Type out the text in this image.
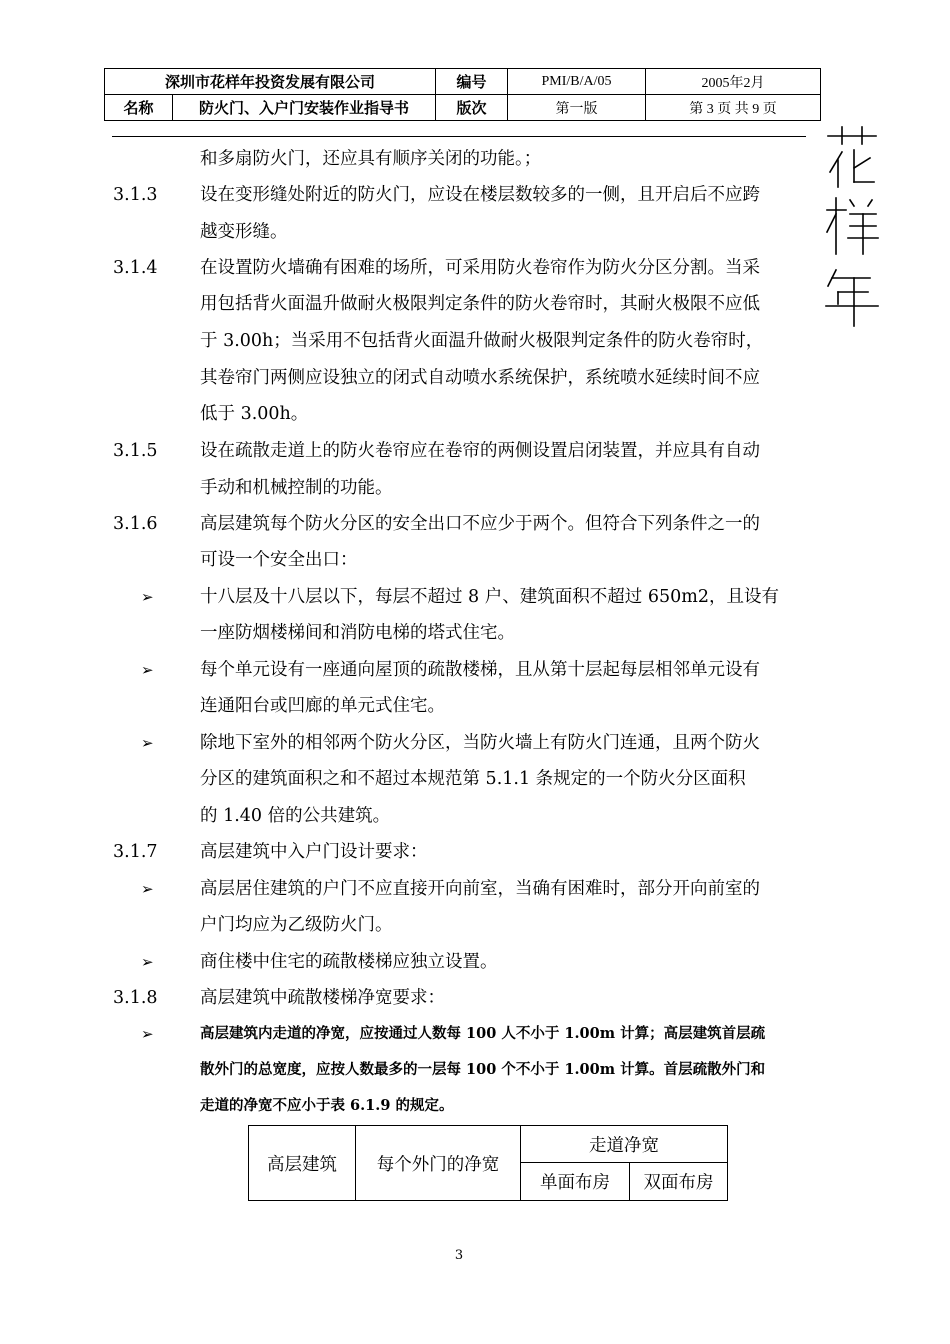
深圳市花样年投资发展有限公司		编号	PMI/B/A/05	2005年2月
名称	防火门、入户门安装作业指导书	版次	第一版	第 3 页 共 9 页
和多扇防火门，还应具有顺序关闭的功能。；
3.1.3 设在变形缝处附近的防火门，应设在楼层数较多的一侧，且开启后不应跨
越变形缝。
3.1.4 在设置防火墙确有困难的场所，可采用防火卷帘作为防火分区分割。当采
用包括背火面温升做耐火极限判定条件的防火卷帘时，其耐火极限不应低
于 3.00h；当采用不包括背火面温升做耐火极限判定条件的防火卷帘时，
其卷帘门两侧应设独立的闭式自动喷水系统保护，系统喷水延续时间不应
低于 3.00h。
3.1.5 设在疏散走道上的防火卷帘应在卷帘的两侧设置启闭装置，并应具有自动
手动和机械控制的功能。
3.1.6 高层建筑每个防火分区的安全出口不应少于两个。但符合下列条件之一的
可设一个安全出口：
➢	十八层及十八层以下，每层不超过 8 户、建筑面积不超过 650m2，且设有
一座防烟楼梯间和消防电梯的塔式住宅。
➢	每个单元设有一座通向屋顶的疏散楼梯，且从第十层起每层相邻单元设有
连通阳台或凹廊的单元式住宅。
➢	除地下室外的相邻两个防火分区，当防火墙上有防火门连通，且两个防火
分区的建筑面积之和不超过本规范第 5.1.1 条规定的一个防火分区面积
的 1.40 倍的公共建筑。
3.1.7 高层建筑中入户门设计要求：
➢	高层居住建筑的户门不应直接开向前室，当确有困难时，部分开向前室的
户门均应为乙级防火门。
➢	商住楼中住宅的疏散楼梯应独立设置。
3.1.8 高层建筑中疏散楼梯净宽要求：
➢	高层建筑内走道的净宽，应按通过人数每 100 人不小于 1.00m 计算；高层建筑首层疏
散外门的总宽度，应按人数最多的一层每 100 个不小于 1.00m 计算。首层疏散外门和
走道的净宽不应小于表 6.1.9 的规定。
高层建筑	每个外门的净宽	走道净宽	
		单面布房	双面布房
3
